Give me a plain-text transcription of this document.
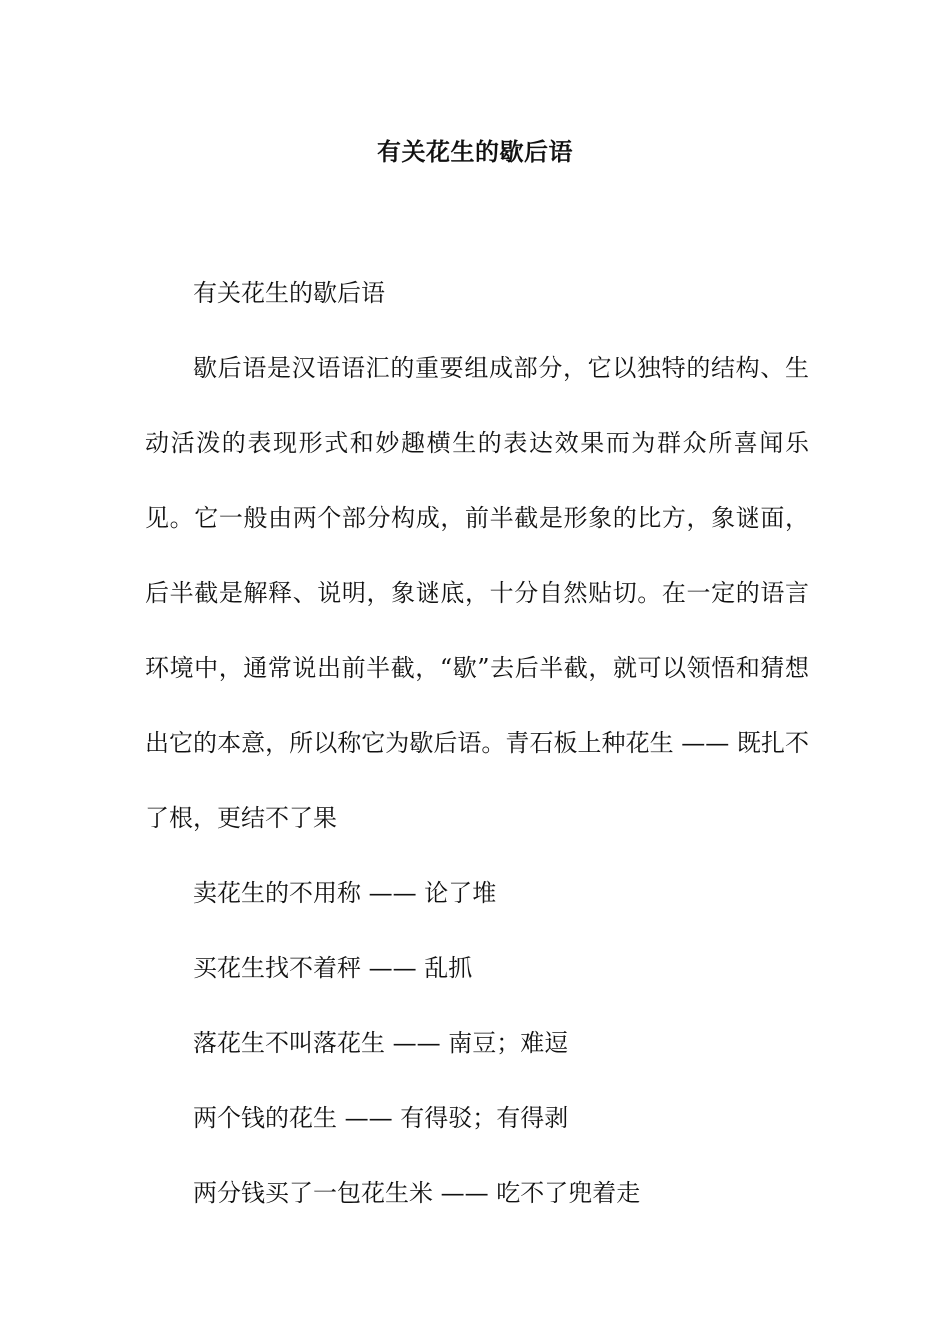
有关花生的歇后语

有关花生的歇后语

歇后语是汉语语汇的重要组成部分，它以独特的结构、生动活泼的表现形式和妙趣横生的表达效果而为群众所喜闻乐见。它一般由两个部分构成，前半截是形象的比方，象谜面，后半截是解释、说明，象谜底，十分自然贴切。在一定的语言环境中，通常说出前半截，“歇”去后半截，就可以领悟和猜想出它的本意，所以称它为歇后语。青石板上种花生 —— 既扎不了根，更结不了果

卖花生的不用称 —— 论了堆

买花生找不着秤 —— 乱抓

落花生不叫落花生 —— 南豆；难逗

两个钱的花生 —— 有得驳；有得剥

两分钱买了一包花生米 —— 吃不了兜着走
